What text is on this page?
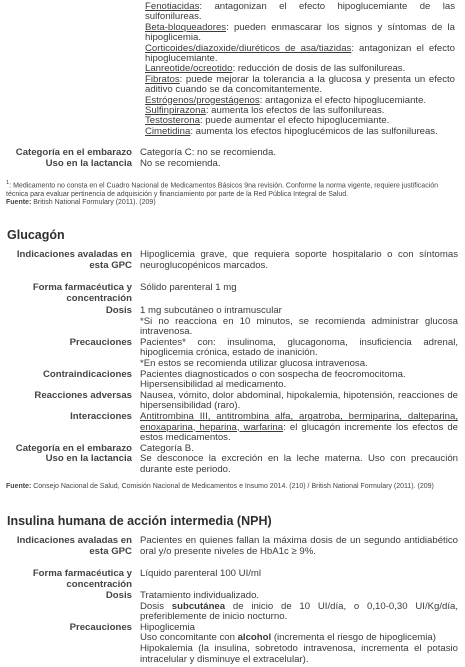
Fenotiacidas: antagonizan el efecto hipoglucemiante de las sulfonilureas.
Beta-bloqueadores: pueden enmascarar los signos y síntomas de la hipoglicemia.
Corticoides/diazoxide/diuréticos de asa/tiazidas: antagonizan el efecto hipoglucemiante.
Lanreotide/ocreotido: reducción de dosis de las sulfonilureas.
Fibratos: puede mejorar la tolerancia a la glucosa y presenta un efecto aditivo cuando se da concomitantemente.
Estrógenos/progestágenos: antagoniza el efecto hipoglucemiante.
Sulfinpirazona: aumenta los efectos de las sulfonilureas.
Testosterona: puede aumentar el efecto hipoglucemiante.
Cimetidina: aumenta los efectos hipoglucémicos de las sulfonilureas.
Categoría en el embarazo	Categoría C: no se recomienda.
Uso en la lactancia	No se recomienda.
$^1$: Medicamento no consta en el Cuadro Nacional de Medicamentos Básicos 9na revisión. Conforme la norma vigente, requiere justificación técnica para evaluar pertinencia de adquisición y financiamiento por parte de la Red Pública Integral de Salud.
Fuente: British National Formulary (2011). (209)
Glucagón
Indicaciones avaladas en esta GPC	Hipoglicemia grave, que requiera soporte hospitalario o con síntomas neuroglucopénicos marcados.
Forma farmacéutica y concentración	Sólido parenteral 1 mg
Dosis	1 mg subcutáneo o intramuscular
*Si no reacciona en 10 minutos, se recomienda administrar glucosa intravenosa.
Precauciones	Pacientes* con: insulinoma, glucagonoma, insuficiencia adrenal, hipoglicemia crónica, estado de inanición.
*En estos se recomienda utilizar glucosa intravenosa.
Contraindicaciones	Pacientes diagnosticados o con sospecha de feocromocitoma.
Hipersensibilidad al medicamento.
Reacciones adversas	Nausea, vómito, dolor abdominal, hipokalemia, hipotensión, reacciones de hipersensibilidad (raro).
Interacciones	Antitrombina III, antitrombina alfa, argatroba, bermiparina, dalteparina, enoxaparina, heparina, warfarina: el glucagón incremente los efectos de estos medicamentos.
Categoría en el embarazo	Categoría B.
Uso en la lactancia	Se desconoce la excreción en la leche materna. Uso con precaución durante este periodo.
Fuente: Consejo Nacional de Salud, Comisión Nacional de Medicamentos e Insumo 2014. (210) / British National Formulary (2011). (209)
Insulina humana de acción intermedia (NPH)
Indicaciones avaladas en esta GPC	Pacientes en quienes fallan la máxima dosis de un segundo antidiabético oral y/o presente niveles de HbA1c ≥ 9%.
Forma farmacéutica y concentración	Líquido parenteral 100 UI/ml
Dosis	Tratamiento individualizado.
Dosis subcutánea de inicio de 10 UI/día, o 0,10-0,30 UI/Kg/día, preferiblemente de inicio nocturno.
Precauciones	Hipoglicemia
Uso concomitante con alcohol (incrementa el riesgo de hipoglicemia)
Hipokalemia (la insulina, sobretodo intravenosa, incrementa el potasio intracelular y disminuye el extracelular).
